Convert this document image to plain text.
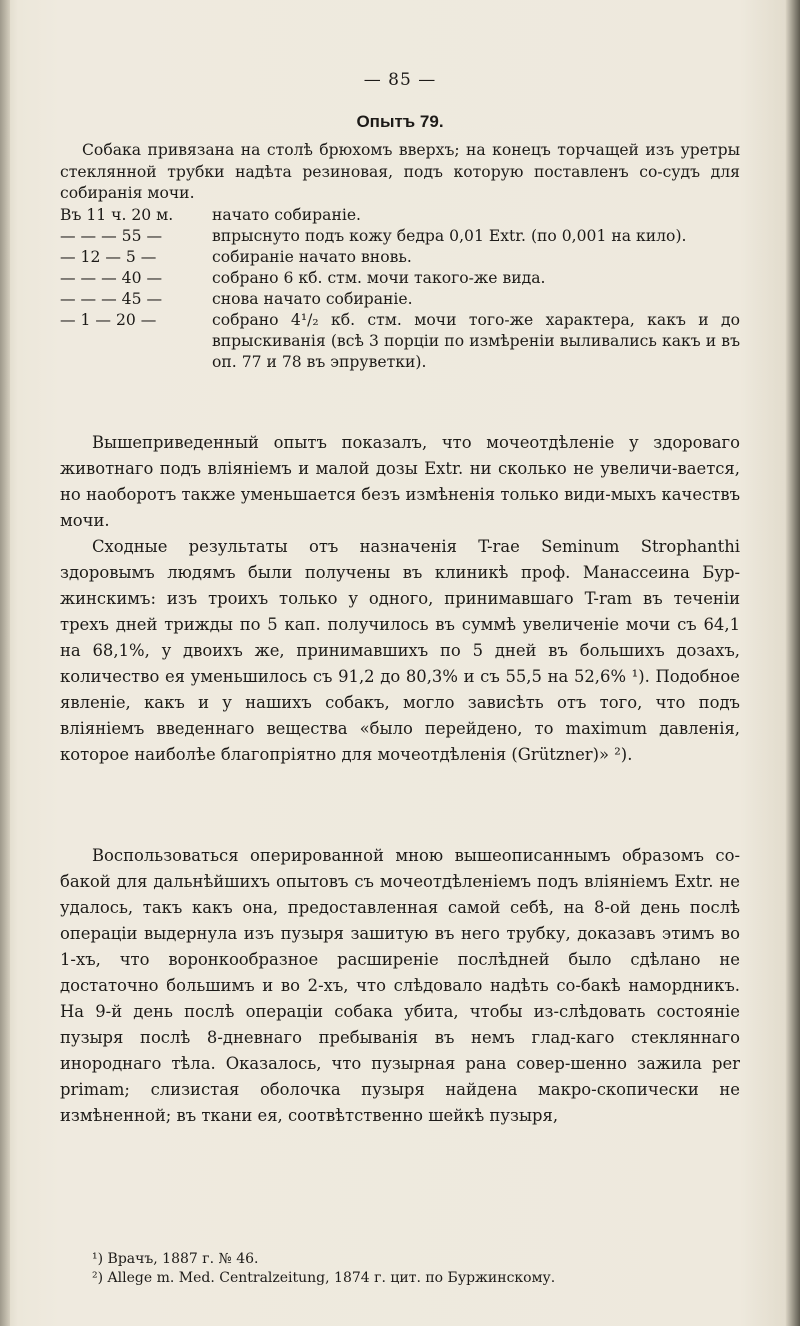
— 85 —
Опытъ 79.
Собака привязана на столѣ брюхомъ вверхъ; на конецъ торчащей изъ уретры стеклянной трубки надѣта резиновая, подъ которую поставленъ со-судъ для собиранія мочи.
Въ 11 ч. 20 м.	начато собираніе.
— — — 55 —	впрыснуто подъ кожу бедра 0,01 Extr. (по 0,001 на кило).
— 12 — 5 —	собираніе начато вновь.
— — — 40 —	собрано 6 кб. стм. мочи такого-же вида.
— — — 45 —	снова начато собираніе.
— 1 — 20 —	собрано 4¹/₂ кб. стм. мочи того-же характера, какъ и до впрыскиванія (всѣ 3 порціи по измѣреніи выливались какъ и въ оп. 77 и 78 въ эпруветки).

Вышеприведенный опытъ показалъ, что мочеотдѣленіе у здороваго животнаго подъ вліяніемъ и малой дозы Extr. ни сколько не увеличи-вается, но наоборотъ также уменьшается безъ измѣненія только види-мыхъ качествъ мочи.

Сходные результаты отъ назначенія T-rae Seminum Strophanthi здоровымъ людямъ были получены въ клиникѣ проф. Манассеина Бур-жинскимъ: изъ троихъ только у одного, принимавшаго T-ram въ теченіи трехъ дней трижды по 5 кап. получилось въ суммѣ увеличеніе мочи съ 64,1 на 68,1%, у двоихъ же, принимавшихъ по 5 дней въ большихъ дозахъ, количество ея уменьшилось съ 91,2 до 80,3% и съ 55,5 на 52,6% ¹). Подобное явленіе, какъ и у нашихъ собакъ, могло зависѣть отъ того, что подъ вліяніемъ введеннаго вещества «было перейдено, то maximum давленія, которое наиболѣе благопріятно для мочеотдѣленія (Grützner)» ²).

Воспользоваться оперированной мною вышеописаннымъ образомъ со-бакой для дальнѣйшихъ опытовъ съ мочеотдѣленіемъ подъ вліяніемъ Extr. не удалось, такъ какъ она, предоставленная самой себѣ, на 8-ой день послѣ операціи выдернула изъ пузыря зашитую въ него трубку, доказавъ этимъ во 1-хъ, что воронкообразное расширеніе послѣдней было сдѣлано не достаточно большимъ и во 2-хъ, что слѣдовало надѣть со-бакѣ намордникъ. На 9-й день послѣ операціи собака убита, чтобы из-слѣдовать состояніе пузыря послѣ 8-дневнаго пребыванія въ немъ глад-каго стекляннаго инороднаго тѣла. Оказалось, что пузырная рана совер-шенно зажила per primam; слизистая оболочка пузыря найдена макро-скопически не измѣненной; въ ткани ея, соотвѣтственно шейкѣ пузыря,

¹) Врачъ, 1887 г. № 46.
²) Allege m. Med. Centralzeitung, 1874 г. цит. по Буржинскому.
